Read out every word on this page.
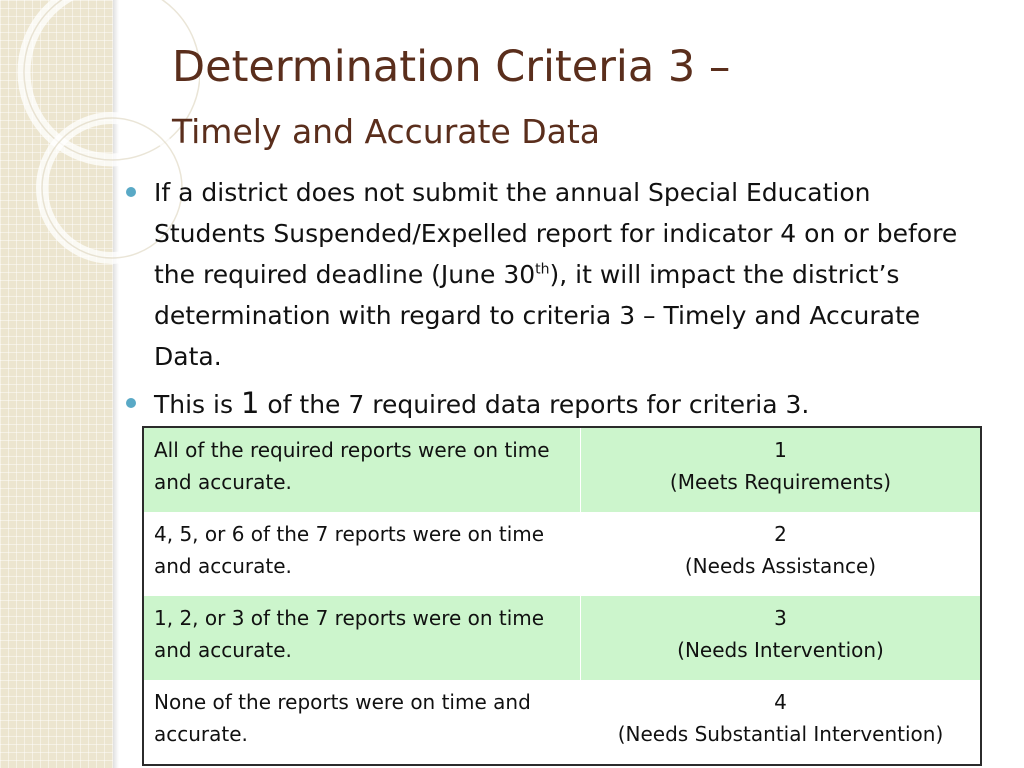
Determination Criteria 3 –
Timely and Accurate Data
If a district does not submit the annual Special Education Students Suspended/Expelled report for indicator 4 on or before the required deadline (June 30th), it will impact the district’s determination with regard to criteria 3 – Timely and Accurate Data.
This is 1 of the 7 required data reports for criteria 3.
All of the required reports were on time and accurate.	1
(Meets Requirements)

4, 5, or 6 of the 7 reports were on time and accurate.	2
(Needs Assistance)

1, 2, or 3 of the 7 reports were on time and accurate.	3
(Needs Intervention)

None of the reports were on time and accurate.	4
(Needs Substantial Intervention)
